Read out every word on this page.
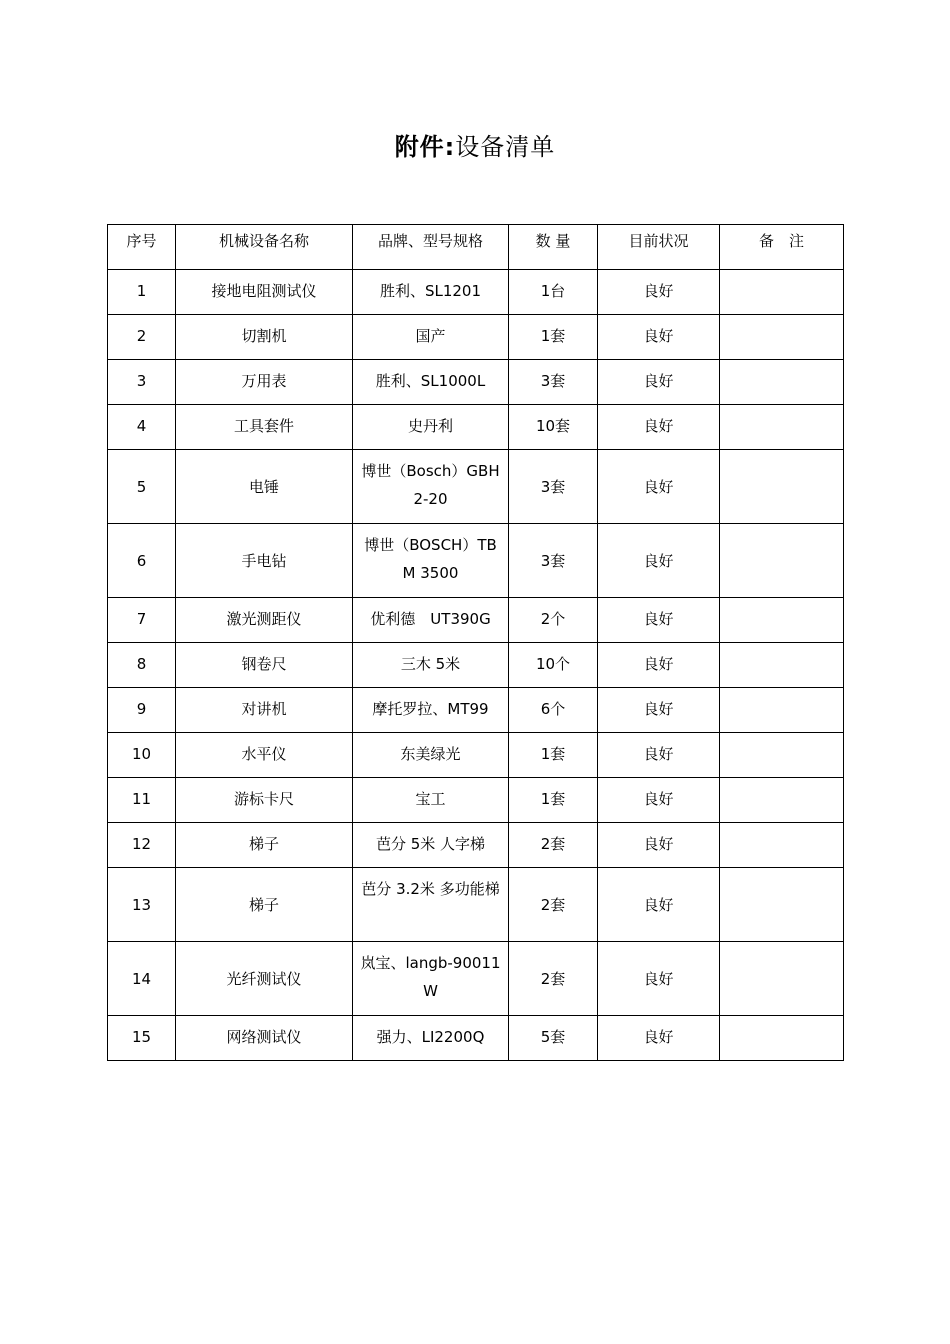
附件:设备清单
序号	机械设备名称	品牌、型号规格	数 量	目前状况	备　注
1	接地电阻测试仪	胜利、SL1201	1台	良好	
2	切割机	国产	1套	良好	
3	万用表	胜利、SL1000L	3套	良好	
4	工具套件	史丹利	10套	良好	
5	电锤	博世（Bosch）GBH 2-20	3套	良好	
6	手电钻	博世（BOSCH）TBM 3500	3套	良好	
7	激光测距仪	优利德　UT390G	2个	良好	
8	钢卷尺	三木 5米	10个	良好	
9	对讲机	摩托罗拉、MT99	6个	良好	
10	水平仪	东美绿光	1套	良好	
11	游标卡尺	宝工	1套	良好	
12	梯子	芭分 5米 人字梯	2套	良好	
13	梯子	芭分 3.2米 多功能梯	2套	良好	
14	光纤测试仪	岚宝、langb-90011W	2套	良好	
15	网络测试仪	强力、LI2200Q	5套	良好	
